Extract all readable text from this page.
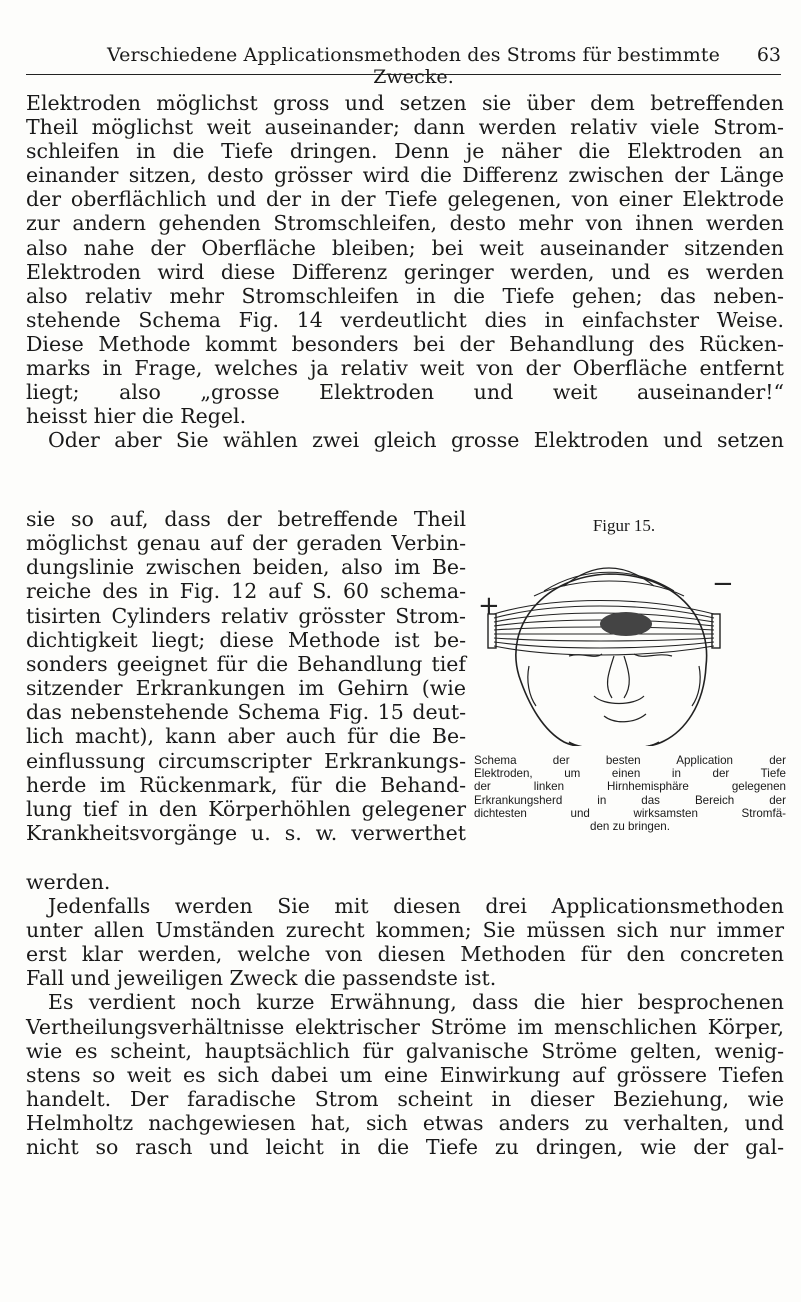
Verschiedene Applicationsmethoden des Stroms für bestimmte Zwecke.
63
Elektroden möglichst gross und setzen sie über dem betreffenden
Theil möglichst weit auseinander; dann werden relativ viele Strom-
schleifen in die Tiefe dringen. Denn je näher die Elektroden an
einander sitzen, desto grösser wird die Differenz zwischen der Länge
der oberflächlich und der in der Tiefe gelegenen, von einer Elektrode
zur andern gehenden Stromschleifen, desto mehr von ihnen werden
also nahe der Oberfläche bleiben; bei weit auseinander sitzenden
Elektroden wird diese Differenz geringer werden, und es werden
also relativ mehr Stromschleifen in die Tiefe gehen; das neben-
stehende Schema Fig. 14 verdeutlicht dies in einfachster Weise.
Diese Methode kommt besonders bei der Behandlung des Rücken-
marks in Frage, welches ja relativ weit von der Oberfläche entfernt
liegt; also „grosse Elektroden und weit auseinander!“
heisst hier die Regel.
Oder aber Sie wählen zwei gleich grosse Elektroden und setzen
sie so auf, dass der betreffende Theil
möglichst genau auf der geraden Verbin-
dungslinie zwischen beiden, also im Be-
reiche des in Fig. 12 auf S. 60 schema-
tisirten Cylinders relativ grösster Strom-
dichtigkeit liegt; diese Methode ist be-
sonders geeignet für die Behandlung tief
sitzender Erkrankungen im Gehirn (wie
das nebenstehende Schema Fig. 15 deut-
lich macht), kann aber auch für die Be-
einflussung circumscripter Erkrankungs-
herde im Rückenmark, für die Behand-
lung tief in den Körperhöhlen gelegener
Krankheitsvorgänge u. s. w. verwerthet
Figur 15.
+
−
Schema der besten Application der
Elektroden, um einen in der Tiefe
der linken Hirnhemisphäre gelegenen
Erkrankungsherd in das Bereich der
dichtesten und wirksamsten Stromfä-
den zu bringen.
werden.
Jedenfalls werden Sie mit diesen drei Applicationsmethoden
unter allen Umständen zurecht kommen; Sie müssen sich nur immer
erst klar werden, welche von diesen Methoden für den concreten
Fall und jeweiligen Zweck die passendste ist.
Es verdient noch kurze Erwähnung, dass die hier besprochenen
Vertheilungsverhältnisse elektrischer Ströme im menschlichen Körper,
wie es scheint, hauptsächlich für galvanische Ströme gelten, wenig-
stens so weit es sich dabei um eine Einwirkung auf grössere Tiefen
handelt. Der faradische Strom scheint in dieser Beziehung, wie
Helmholtz nachgewiesen hat, sich etwas anders zu verhalten, und
nicht so rasch und leicht in die Tiefe zu dringen, wie der gal-
